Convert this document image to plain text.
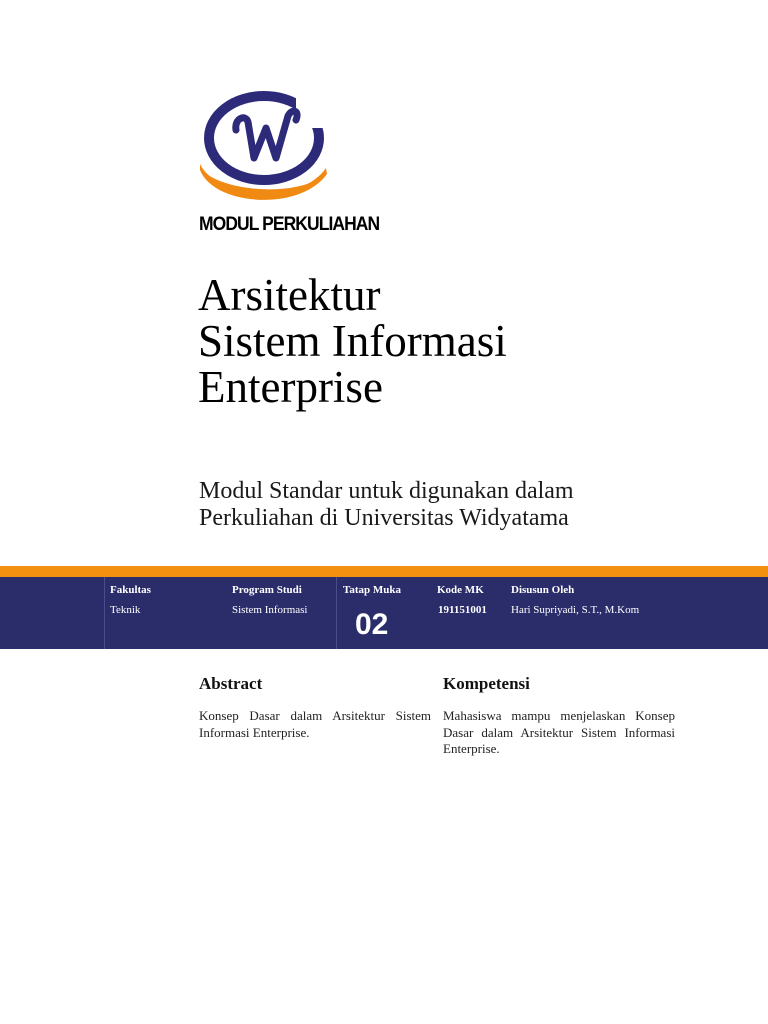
MODUL PERKULIAHAN
Arsitektur
Sistem Informasi
Enterprise
Modul Standar untuk digunakan dalam
Perkuliahan di Universitas Widyatama
Fakultas
Teknik
Program Studi
Sistem Informasi
Tatap Muka
02
Kode MK
191151001
Disusun Oleh
Hari Supriyadi, S.T., M.Kom
Abstract
Konsep Dasar dalam Arsitektur Sistem Informasi Enterprise.
Kompetensi
Mahasiswa mampu menjelaskan Konsep Dasar dalam Arsitektur Sistem Informasi Enterprise.
